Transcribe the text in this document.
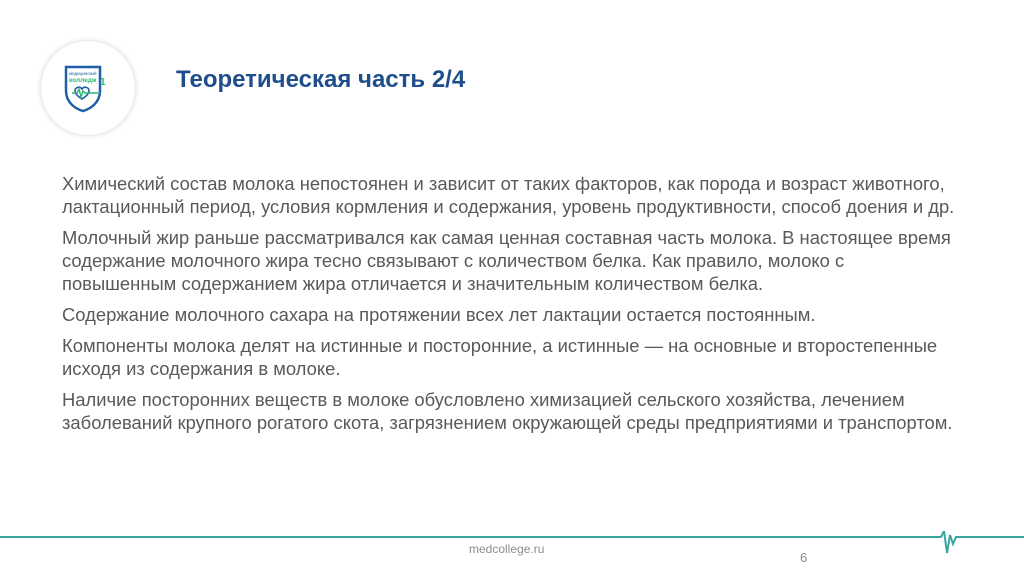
медицинский
колледж 1	Теоретическая часть 2/4

Химический состав молока непостоянен и зависит от таких факторов, как порода и возраст животного, лактационный период, условия кормления и содержания, уровень продуктивности, способ доения и др.

Молочный жир раньше рассматривался как самая ценная составная часть молока. В настоящее время содержание молочного жира тесно связывают с количеством белка. Как правило, молоко с повышенным содержанием жира отличается и значительным количеством белка.

Содержание молочного сахара на протяжении всех лет лактации остается постоянным.

Компоненты молока делят на истинные и посторонние, а истинные — на основные и второстепенные исходя из содержания в молоке.

Наличие посторонних веществ в молоке обусловлено химизацией сельского хозяйства, лечением заболеваний крупного рогатого скота, загрязнением окружающей среды предприятиями и транспортом.

medcollege.ru
6
